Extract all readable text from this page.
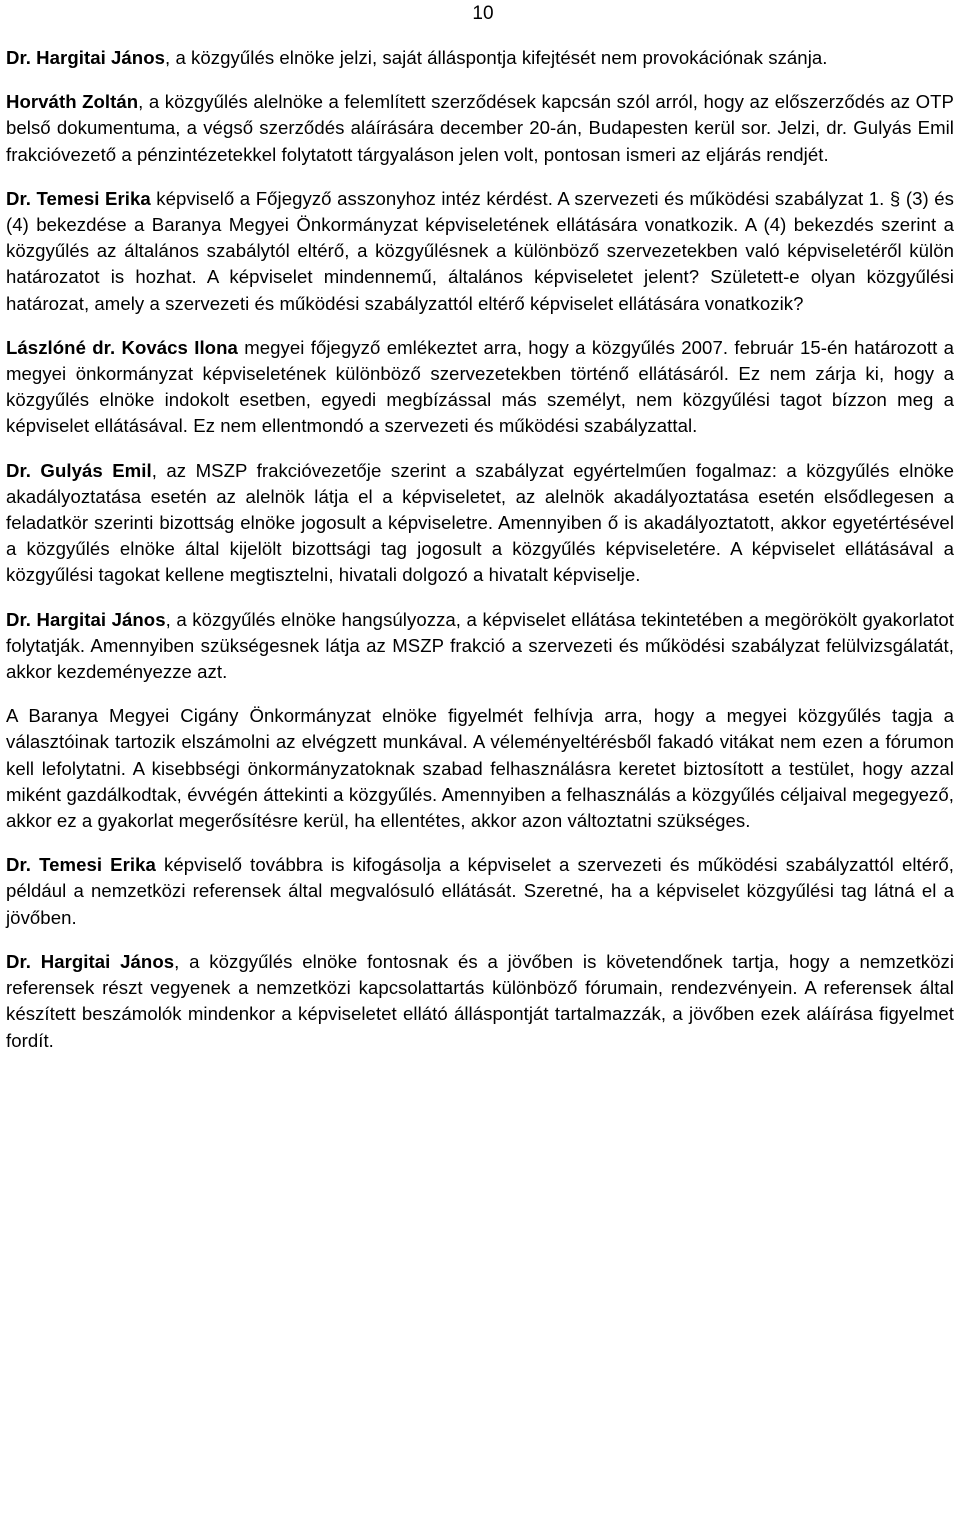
10

Dr. Hargitai János, a közgyűlés elnöke jelzi, saját álláspontja kifejtését nem provokációnak szánja.

Horváth Zoltán, a közgyűlés alelnöke a felemlített szerződések kapcsán szól arról, hogy az előszerződés az OTP belső dokumentuma, a végső szerződés aláírására december 20-án, Budapesten kerül sor. Jelzi, dr. Gulyás Emil frakcióvezető a pénzintézetekkel folytatott tárgyaláson jelen volt, pontosan ismeri az eljárás rendjét.

Dr. Temesi Erika képviselő a Főjegyző asszonyhoz intéz kérdést. A szervezeti és működési szabályzat 1. § (3) és (4) bekezdése a Baranya Megyei Önkormányzat képviseletének ellátására vonatkozik. A (4) bekezdés szerint a közgyűlés az általános szabálytól eltérő, a közgyűlésnek a különböző szervezetekben való képviseletéről külön határozatot is hozhat. A képviselet mindennemű, általános képviseletet jelent? Született-e olyan közgyűlési határozat, amely a szervezeti és működési szabályzattól eltérő képviselet ellátására vonatkozik?

Lászlóné dr. Kovács Ilona megyei főjegyző emlékeztet arra, hogy a közgyűlés 2007. február 15-én határozott a megyei önkormányzat képviseletének különböző szervezetekben történő ellátásáról. Ez nem zárja ki, hogy a közgyűlés elnöke indokolt esetben, egyedi megbízással más személyt, nem közgyűlési tagot bízzon meg a képviselet ellátásával. Ez nem ellentmondó a szervezeti és működési szabályzattal.

Dr. Gulyás Emil, az MSZP frakcióvezetője szerint a szabályzat egyértelműen fogalmaz: a közgyűlés elnöke akadályoztatása esetén az alelnök látja el a képviseletet, az alelnök akadályoztatása esetén elsődlegesen a feladatkör szerinti bizottság elnöke jogosult a képviseletre. Amennyiben ő is akadályoztatott, akkor egyetértésével a közgyűlés elnöke által kijelölt bizottsági tag jogosult a közgyűlés képviseletére. A képviselet ellátásával a közgyűlési tagokat kellene megtisztelni, hivatali dolgozó a hivatalt képviselje.

Dr. Hargitai János, a közgyűlés elnöke hangsúlyozza, a képviselet ellátása tekintetében a megörökölt gyakorlatot folytatják. Amennyiben szükségesnek látja az MSZP frakció a szervezeti és működési szabályzat felülvizsgálatát, akkor kezdeményezze azt.

A Baranya Megyei Cigány Önkormányzat elnöke figyelmét felhívja arra, hogy a megyei közgyűlés tagja a választóinak tartozik elszámolni az elvégzett munkával. A véleményeltérésből fakadó vitákat nem ezen a fórumon kell lefolytatni. A kisebbségi önkormányzatoknak szabad felhasználásra keretet biztosított a testület, hogy azzal miként gazdálkodtak, évvégén áttekinti a közgyűlés. Amennyiben a felhasználás a közgyűlés céljaival megegyező, akkor ez a gyakorlat megerősítésre kerül, ha ellentétes, akkor azon változtatni szükséges.

Dr. Temesi Erika képviselő továbbra is kifogásolja a képviselet a szervezeti és működési szabályzattól eltérő, például a nemzetközi referensek által megvalósuló ellátását. Szeretné, ha a képviselet közgyűlési tag látná el a jövőben.

Dr. Hargitai János, a közgyűlés elnöke fontosnak és a jövőben is követendőnek tartja, hogy a nemzetközi referensek részt vegyenek a nemzetközi kapcsolattartás különböző fórumain, rendezvényein. A referensek által készített beszámolók mindenkor a képviseletet ellátó álláspontját tartalmazzák, a jövőben ezek aláírása figyelmet fordít.
